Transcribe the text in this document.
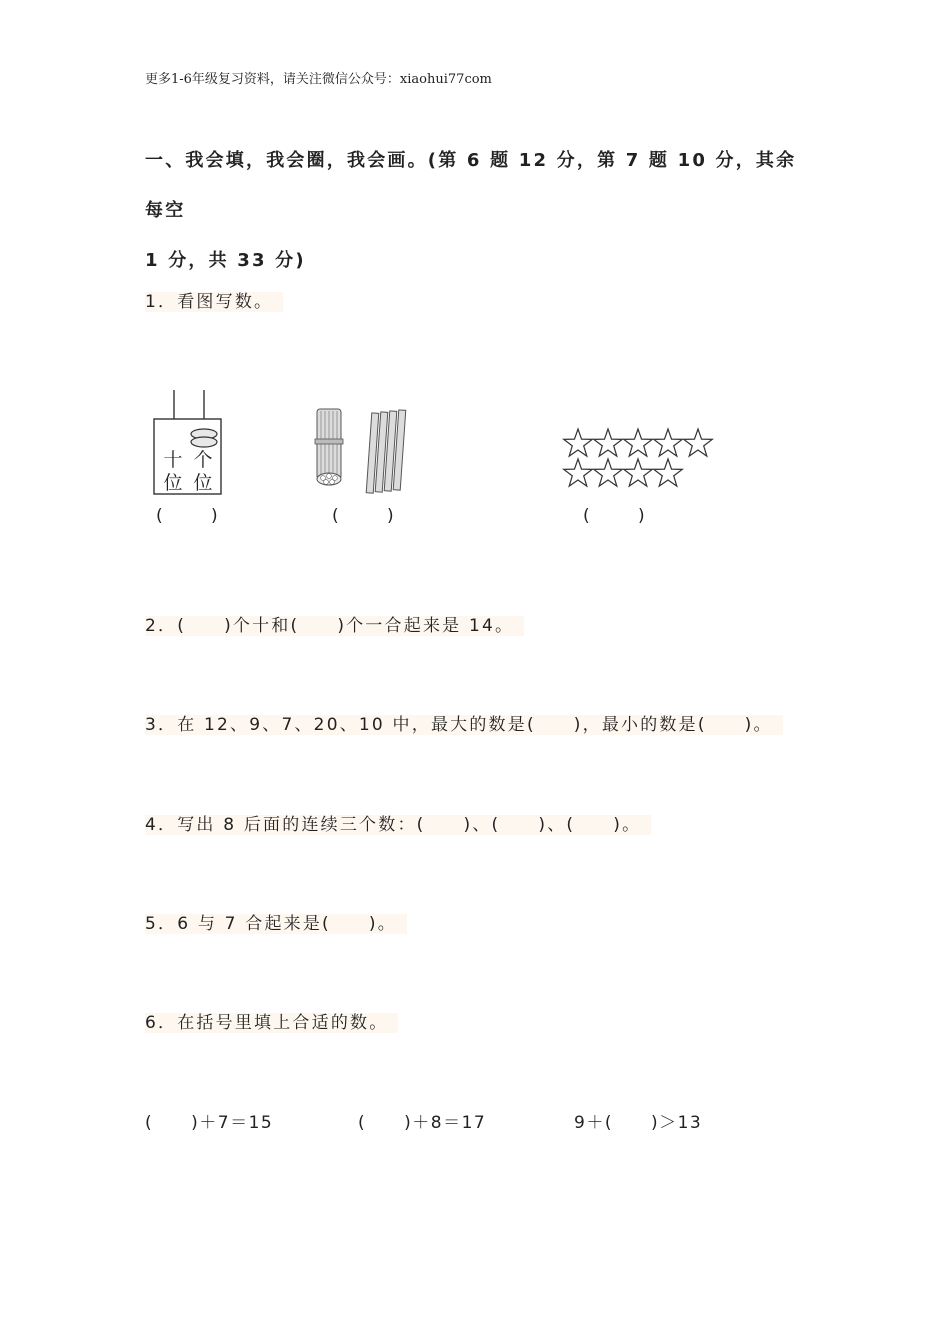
更多1-6年级复习资料，请关注微信公众号：xiaohui77com
一、我会填，我会圈，我会画。(第 6 题 12 分，第 7 题 10 分，其余每空
1 分，共 33 分)
1．看图写数。
十
位
个
位
(	)	(	)	(	)
2．( )个十和( )个一合起来是 14。
3．在 12、9、7、20、10 中，最大的数是( )，最小的数是( )。
4．写出 8 后面的连续三个数：( )、( )、( )。
5．6 与 7 合起来是( )。
6．在括号里填上合适的数。
( )＋7＝15	( )＋8＝17	9＋( )＞13
